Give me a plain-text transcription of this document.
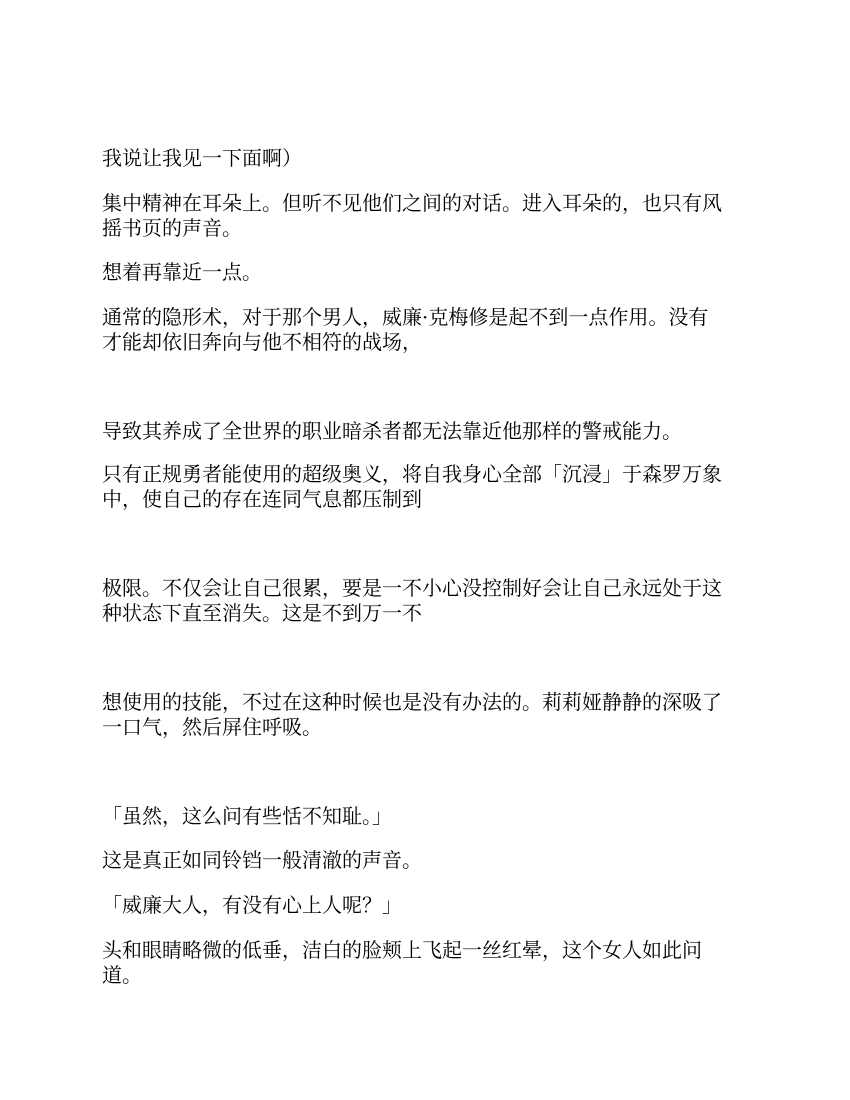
我说让我见一下面啊）

集中精神在耳朵上。但听不见他们之间的对话。进入耳朵的，也只有风
摇书页的声音。

想着再靠近一点。

通常的隐形术，对于那个男人，威廉·克梅修是起不到一点作用。没有
才能却依旧奔向与他不相符的战场，

导致其养成了全世界的职业暗杀者都无法靠近他那样的警戒能力。

只有正规勇者能使用的超级奥义，将自我身心全部「沉浸」于森罗万象
中，使自己的存在连同气息都压制到

极限。不仅会让自己很累，要是一不小心没控制好会让自己永远处于这
种状态下直至消失。这是不到万一不

想使用的技能，不过在这种时候也是没有办法的。莉莉娅静静的深吸了
一口气，然后屏住呼吸。

「虽然，这么问有些恬不知耻。」

这是真正如同铃铛一般清澈的声音。

「威廉大人，有没有心上人呢？」

头和眼睛略微的低垂，洁白的脸颊上飞起一丝红晕，这个女人如此问
道。
